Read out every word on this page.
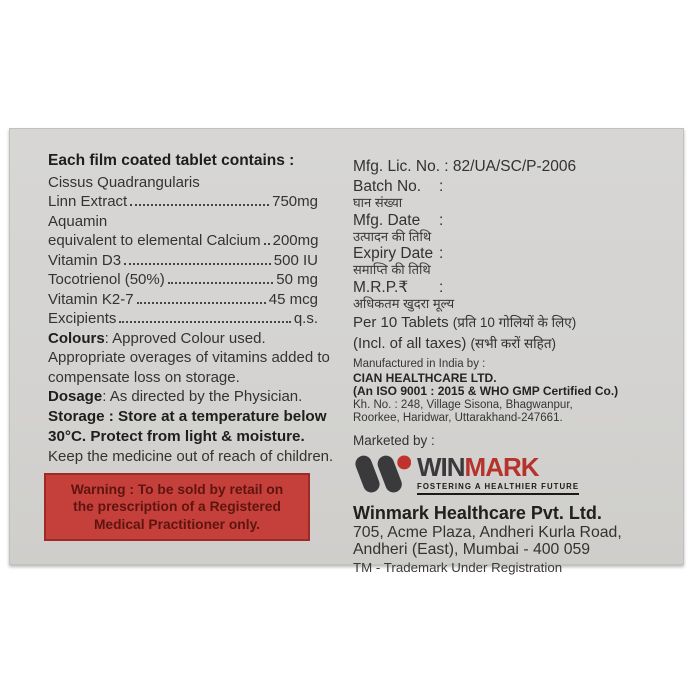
Each film coated tablet contains :
Cissus Quadrangularis
Linn Extract	750mg
Aquamin
equivalent to elemental Calcium 200mg
Vitamin D3	500 IU
Tocotrienol (50%)	50 mg
Vitamin K2-7	45 mcg
Excipients	q.s.
Colours: Approved Colour used.
Appropriate overages of vitamins added to
compensate loss on storage.
Dosage: As directed by the Physician.
Storage : Store at a temperature below
30°C. Protect from light & moisture.
Keep the medicine out of reach of children.
Warning : To be sold by retail on
the prescription of a Registered
Medical Practitioner only.
Mfg. Lic. No. : 82/UA/SC/P-2006
Batch No.	:
घान संख्या
Mfg. Date	:
उत्पादन की तिथि
Expiry Date :
समाप्ति की तिथि
M.R.P.₹	:
अधिकतम खुदरा मूल्य
Per 10 Tablets (प्रति 10 गोलियों के लिए)
(Incl. of all taxes) (सभी करों सहित)
Manufactured in India by :
CIAN HEALTHCARE LTD.
(An ISO 9001 : 2015 & WHO GMP Certified Co.)
Kh. No. : 248, Village Sisona, Bhagwanpur,
Roorkee, Haridwar, Uttarakhand-247661.
Marketed by :
WINMARK
FOSTERING A HEALTHIER FUTURE
Winmark Healthcare Pvt. Ltd.
705, Acme Plaza, Andheri Kurla Road,
Andheri (East), Mumbai - 400 059
TM - Trademark Under Registration
